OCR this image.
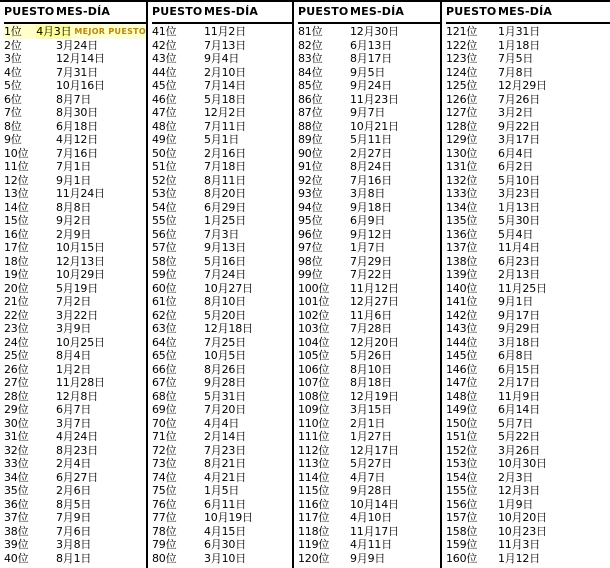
PUESTO MES-DÍA
1位	4月3日 MEJOR PUESTO
2位	3月24日
3位	12月14日
4位	7月31日
5位	10月16日
6位	8月7日
7位	8月30日
8位	6月18日
9位	4月12日
10位	7月16日
11位	7月1日
12位	9月1日
13位	11月24日
14位	8月8日
15位	9月2日
16位	2月9日
17位	10月15日
18位	12月13日
19位	10月29日
20位	5月19日
21位	7月2日
22位	3月22日
23位	3月9日
24位	10月25日
25位	8月4日
26位	1月2日
27位	11月28日
28位	12月8日
29位	6月7日
30位	3月7日
31位	4月24日
32位	8月23日
33位	2月4日
34位	6月27日
35位	2月6日
36位	8月5日
37位	7月9日
38位	7月6日
39位	3月8日
40位	8月1日
PUESTO MES-DÍA
41位	11月2日
42位	7月13日
43位	9月4日
44位	2月10日
45位	7月14日
46位	5月18日
47位	12月2日
48位	7月11日
49位	5月1日
50位	2月16日
51位	7月18日
52位	8月11日
53位	8月20日
54位	6月29日
55位	1月25日
56位	7月3日
57位	9月13日
58位	5月16日
59位	7月24日
60位	10月27日
61位	8月10日
62位	5月20日
63位	12月18日
64位	7月25日
65位	10月5日
66位	8月26日
67位	9月28日
68位	5月31日
69位	7月20日
70位	4月4日
71位	2月14日
72位	7月23日
73位	8月21日
74位	4月21日
75位	1月5日
76位	6月11日
77位	10月19日
78位	4月15日
79位	6月30日
80位	3月10日
PUESTO MES-DÍA
81位	12月30日
82位	6月13日
83位	8月17日
84位	9月5日
85位	9月24日
86位	11月23日
87位	9月7日
88位	10月21日
89位	5月11日
90位	2月27日
91位	8月24日
92位	7月16日
93位	3月8日
94位	9月18日
95位	6月9日
96位	9月12日
97位	1月7日
98位	7月29日
99位	7月22日
100位	11月12日
101位	12月27日
102位	11月6日
103位	7月28日
104位	12月20日
105位	5月26日
106位	8月10日
107位	8月18日
108位	12月19日
109位	3月15日
110位	2月1日
111位	1月27日
112位	12月17日
113位	5月27日
114位	4月7日
115位	9月28日
116位	10月14日
117位	4月10日
118位	11月17日
119位	4月11日
120位	9月9日
PUESTO MES-DÍA
121位	1月31日
122位	1月18日
123位	7月5日
124位	7月8日
125位	12月29日
126位	7月26日
127位	3月2日
128位	9月22日
129位	3月17日
130位	6月4日
131位	6月2日
132位	5月10日
133位	3月23日
134位	1月13日
135位	5月30日
136位	5月4日
137位	11月4日
138位	6月23日
139位	2月13日
140位	11月25日
141位	9月1日
142位	9月17日
143位	9月29日
144位	3月18日
145位	6月8日
146位	6月15日
147位	2月17日
148位	11月9日
149位	6月14日
150位	5月7日
151位	5月22日
152位	3月26日
153位	10月30日
154位	2月3日
155位	12月3日
156位	1月9日
157位	10月20日
158位	10月23日
159位	11月3日
160位	1月12日
